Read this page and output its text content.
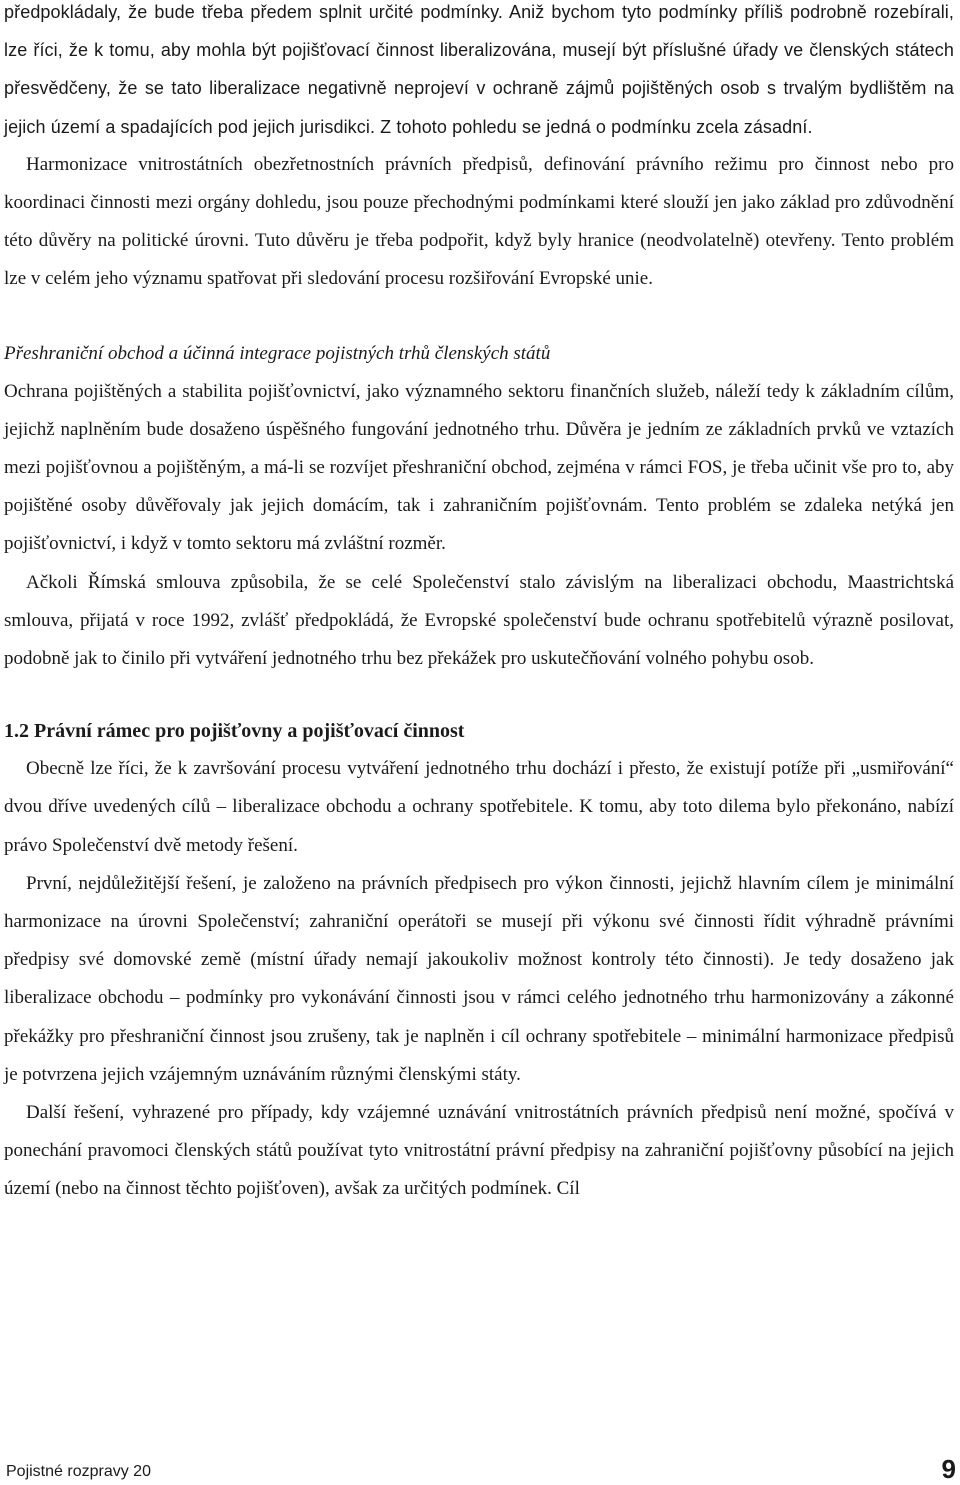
předpokládaly, že bude třeba předem splnit určité podmínky. Aniž bychom tyto podmínky příliš podrobně rozebírali, lze říci, že k tomu, aby mohla být pojišťovací činnost liberalizována, musejí být příslušné úřady ve členských státech přesvědčeny, že se tato liberalizace negativně neprojeví v ochraně zájmů pojištěných osob s trvalým bydlištěm na jejich území a spadajících pod jejich jurisdikci. Z tohoto pohledu se jedná o podmínku zcela zásadní.

Harmonizace vnitrostátních obezřetnostních právních předpisů, definování právního režimu pro činnost nebo pro koordinaci činnosti mezi orgány dohledu, jsou pouze přechodnými podmínkami které slouží jen jako základ pro zdůvodnění této důvěry na politické úrovni. Tuto důvěru je třeba podpořit, když byly hranice (neodvolatelně) otevřeny. Tento problém lze v celém jeho významu spatřovat při sledování procesu rozšiřování Evropské unie.

Přeshraniční obchod a účinná integrace pojistných trhů členských států

Ochrana pojištěných a stabilita pojišťovnictví, jako významného sektoru finančních služeb, náleží tedy k základním cílům, jejichž naplněním bude dosaženo úspěšného fungování jednotného trhu. Důvěra je jedním ze základních prvků ve vztazích mezi pojišťovnou a pojištěným, a má-li se rozvíjet přeshraniční obchod, zejména v rámci FOS, je třeba učinit vše pro to, aby pojištěné osoby důvěřovaly jak jejich domácím, tak i zahraničním pojišťovnám. Tento problém se zdaleka netýká jen pojišťovnictví, i když v tomto sektoru má zvláštní rozměr.

Ačkoli Římská smlouva způsobila, že se celé Společenství stalo závislým na liberalizaci obchodu, Maastrichtská smlouva, přijatá v roce 1992, zvlášť předpokládá, že Evropské společenství bude ochranu spotřebitelů výrazně posilovat, podobně jak to činilo při vytváření jednotného trhu bez překážek pro uskutečňování volného pohybu osob.

1.2 Právní rámec pro pojišťovny a pojišťovací činnost

Obecně lze říci, že k završování procesu vytváření jednotného trhu dochází i přesto, že existují potíže při „usmiřování“ dvou dříve uvedených cílů – liberalizace obchodu a ochrany spotřebitele. K tomu, aby toto dilema bylo překonáno, nabízí právo Společenství dvě metody řešení.

První, nejdůležitější řešení, je založeno na právních předpisech pro výkon činnosti, jejichž hlavním cílem je minimální harmonizace na úrovni Společenství; zahraniční operátoři se musejí při výkonu své činnosti řídit výhradně právními předpisy své domovské země (místní úřady nemají jakoukoliv možnost kontroly této činnosti). Je tedy dosaženo jak liberalizace obchodu – podmínky pro vykonávání činnosti jsou v rámci celého jednotného trhu harmonizovány a zákonné překážky pro přeshraniční činnost jsou zrušeny, tak je naplněn i cíl ochrany spotřebitele – minimální harmonizace předpisů je potvrzena jejich vzájemným uznáváním různými členskými státy.

Další řešení, vyhrazené pro případy, kdy vzájemné uznávání vnitrostátních právních předpisů není možné, spočívá v ponechání pravomoci členských států používat tyto vnitrostátní právní předpisy na zahraniční pojišťovny působící na jejich území (nebo na činnost těchto pojišťoven), avšak za určitých podmínek. Cíl

Pojistné rozpravy 20	9
